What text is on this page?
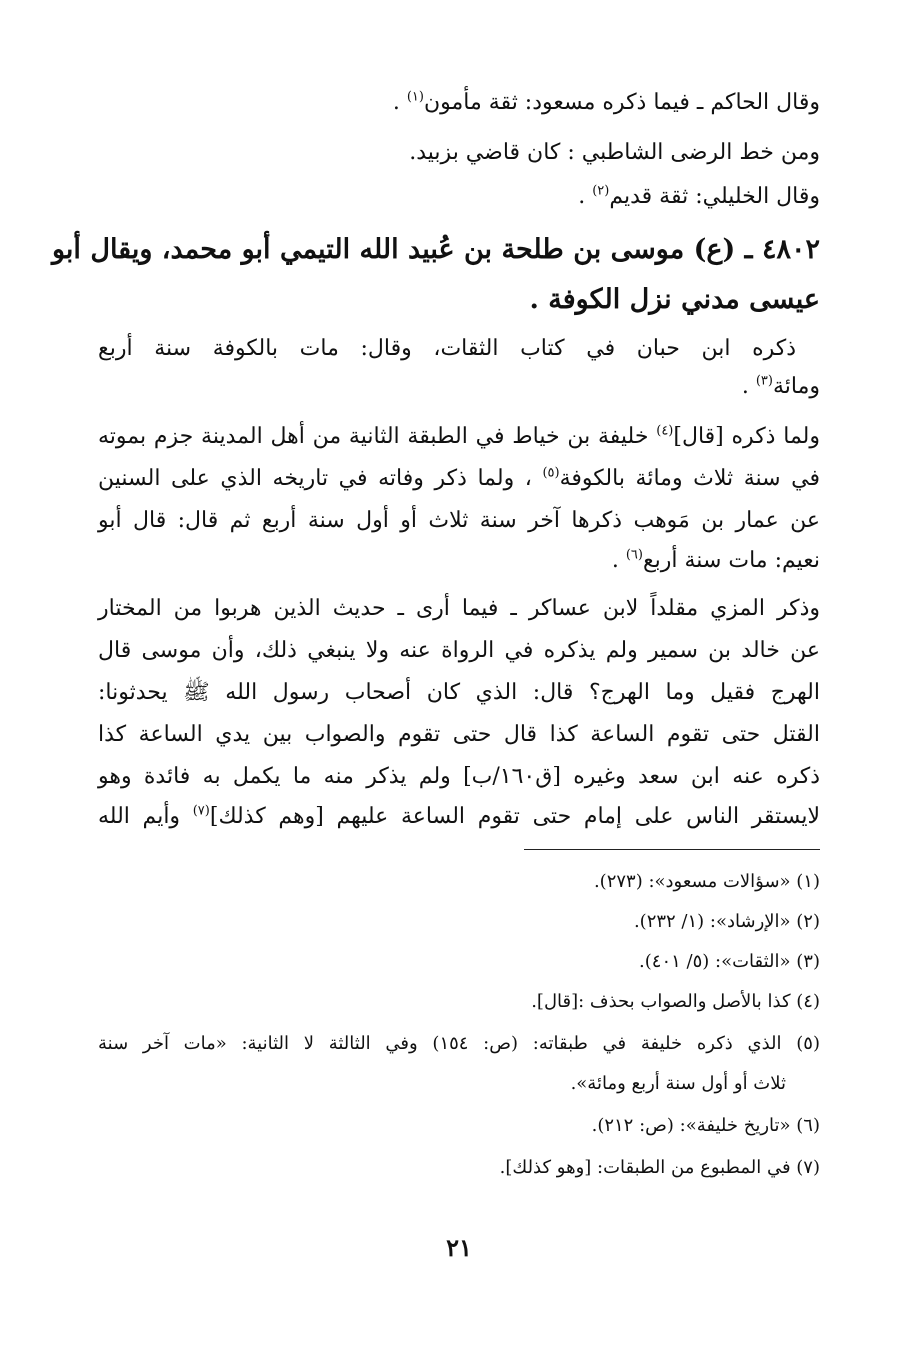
وقال الحاكم ـ فيما ذكره مسعود: ثقة مأمون$^{(١)}$ .
ومن خط الرضى الشاطبي : كان قاضي بزبيد.
وقال الخليلي: ثقة قديم$^{(٢)}$ .
٤٨٠٢ ـ (ع) موسى بن طلحة بن عُبيد الله التيمي أبو محمد، ويقال أبو
عيسى مدني نزل الكوفة .
ذكره ابن حبان في كتاب الثقات، وقال: مات بالكوفة سنة أربع
ومائة$^{(٣)}$ .
ولما ذكره [قال]$^{(٤)}$ خليفة بن خياط في الطبقة الثانية من أهل المدينة جزم بموته
في سنة ثلاث ومائة بالكوفة$^{(٥)}$ ، ولما ذكر وفاته في تاريخه الذي على السنين
عن عمار بن مَوهب ذكرها آخر سنة ثلاث أو أول سنة أربع ثم قال: قال أبو
نعيم: مات سنة أربع$^{(٦)}$ .
وذكر المزي مقلداً لابن عساكر ـ فيما أرى ـ حديث الذين هربوا من المختار
عن خالد بن سمير ولم يذكره في الرواة عنه ولا ينبغي ذلك، وأن موسى قال
الهرج فقيل وما الهرج؟ قال: الذي كان أصحاب رسول الله ﷺ يحدثونا:
القتل حتى تقوم الساعة كذا قال حتى تقوم والصواب بين يدي الساعة كذا
ذكره عنه ابن سعد وغيره [ق١٦٠/ب] ولم يذكر منه ما يكمل به فائدة وهو
لايستقر الناس على إمام حتى تقوم الساعة عليهم [وهم كذلك]$^{(٧)}$ وأيم الله
(١) «سؤالات مسعود»: (٢٧٣).
(٢) «الإرشاد»: (١/ ٢٣٢).
(٣) «الثقات»: (٥/ ٤٠١).
(٤) كذا بالأصل والصواب بحذف :[قال].
(٥) الذي ذكره خليفة في طبقاته: (ص: ١٥٤) وفي الثالثة لا الثانية: «مات آخر سنة
ثلاث أو أول سنة أربع ومائة».
(٦) «تاريخ خليفة»: (ص: ٢١٢).
(٧) في المطبوع من الطبقات: [وهو كذلك].
٢١
